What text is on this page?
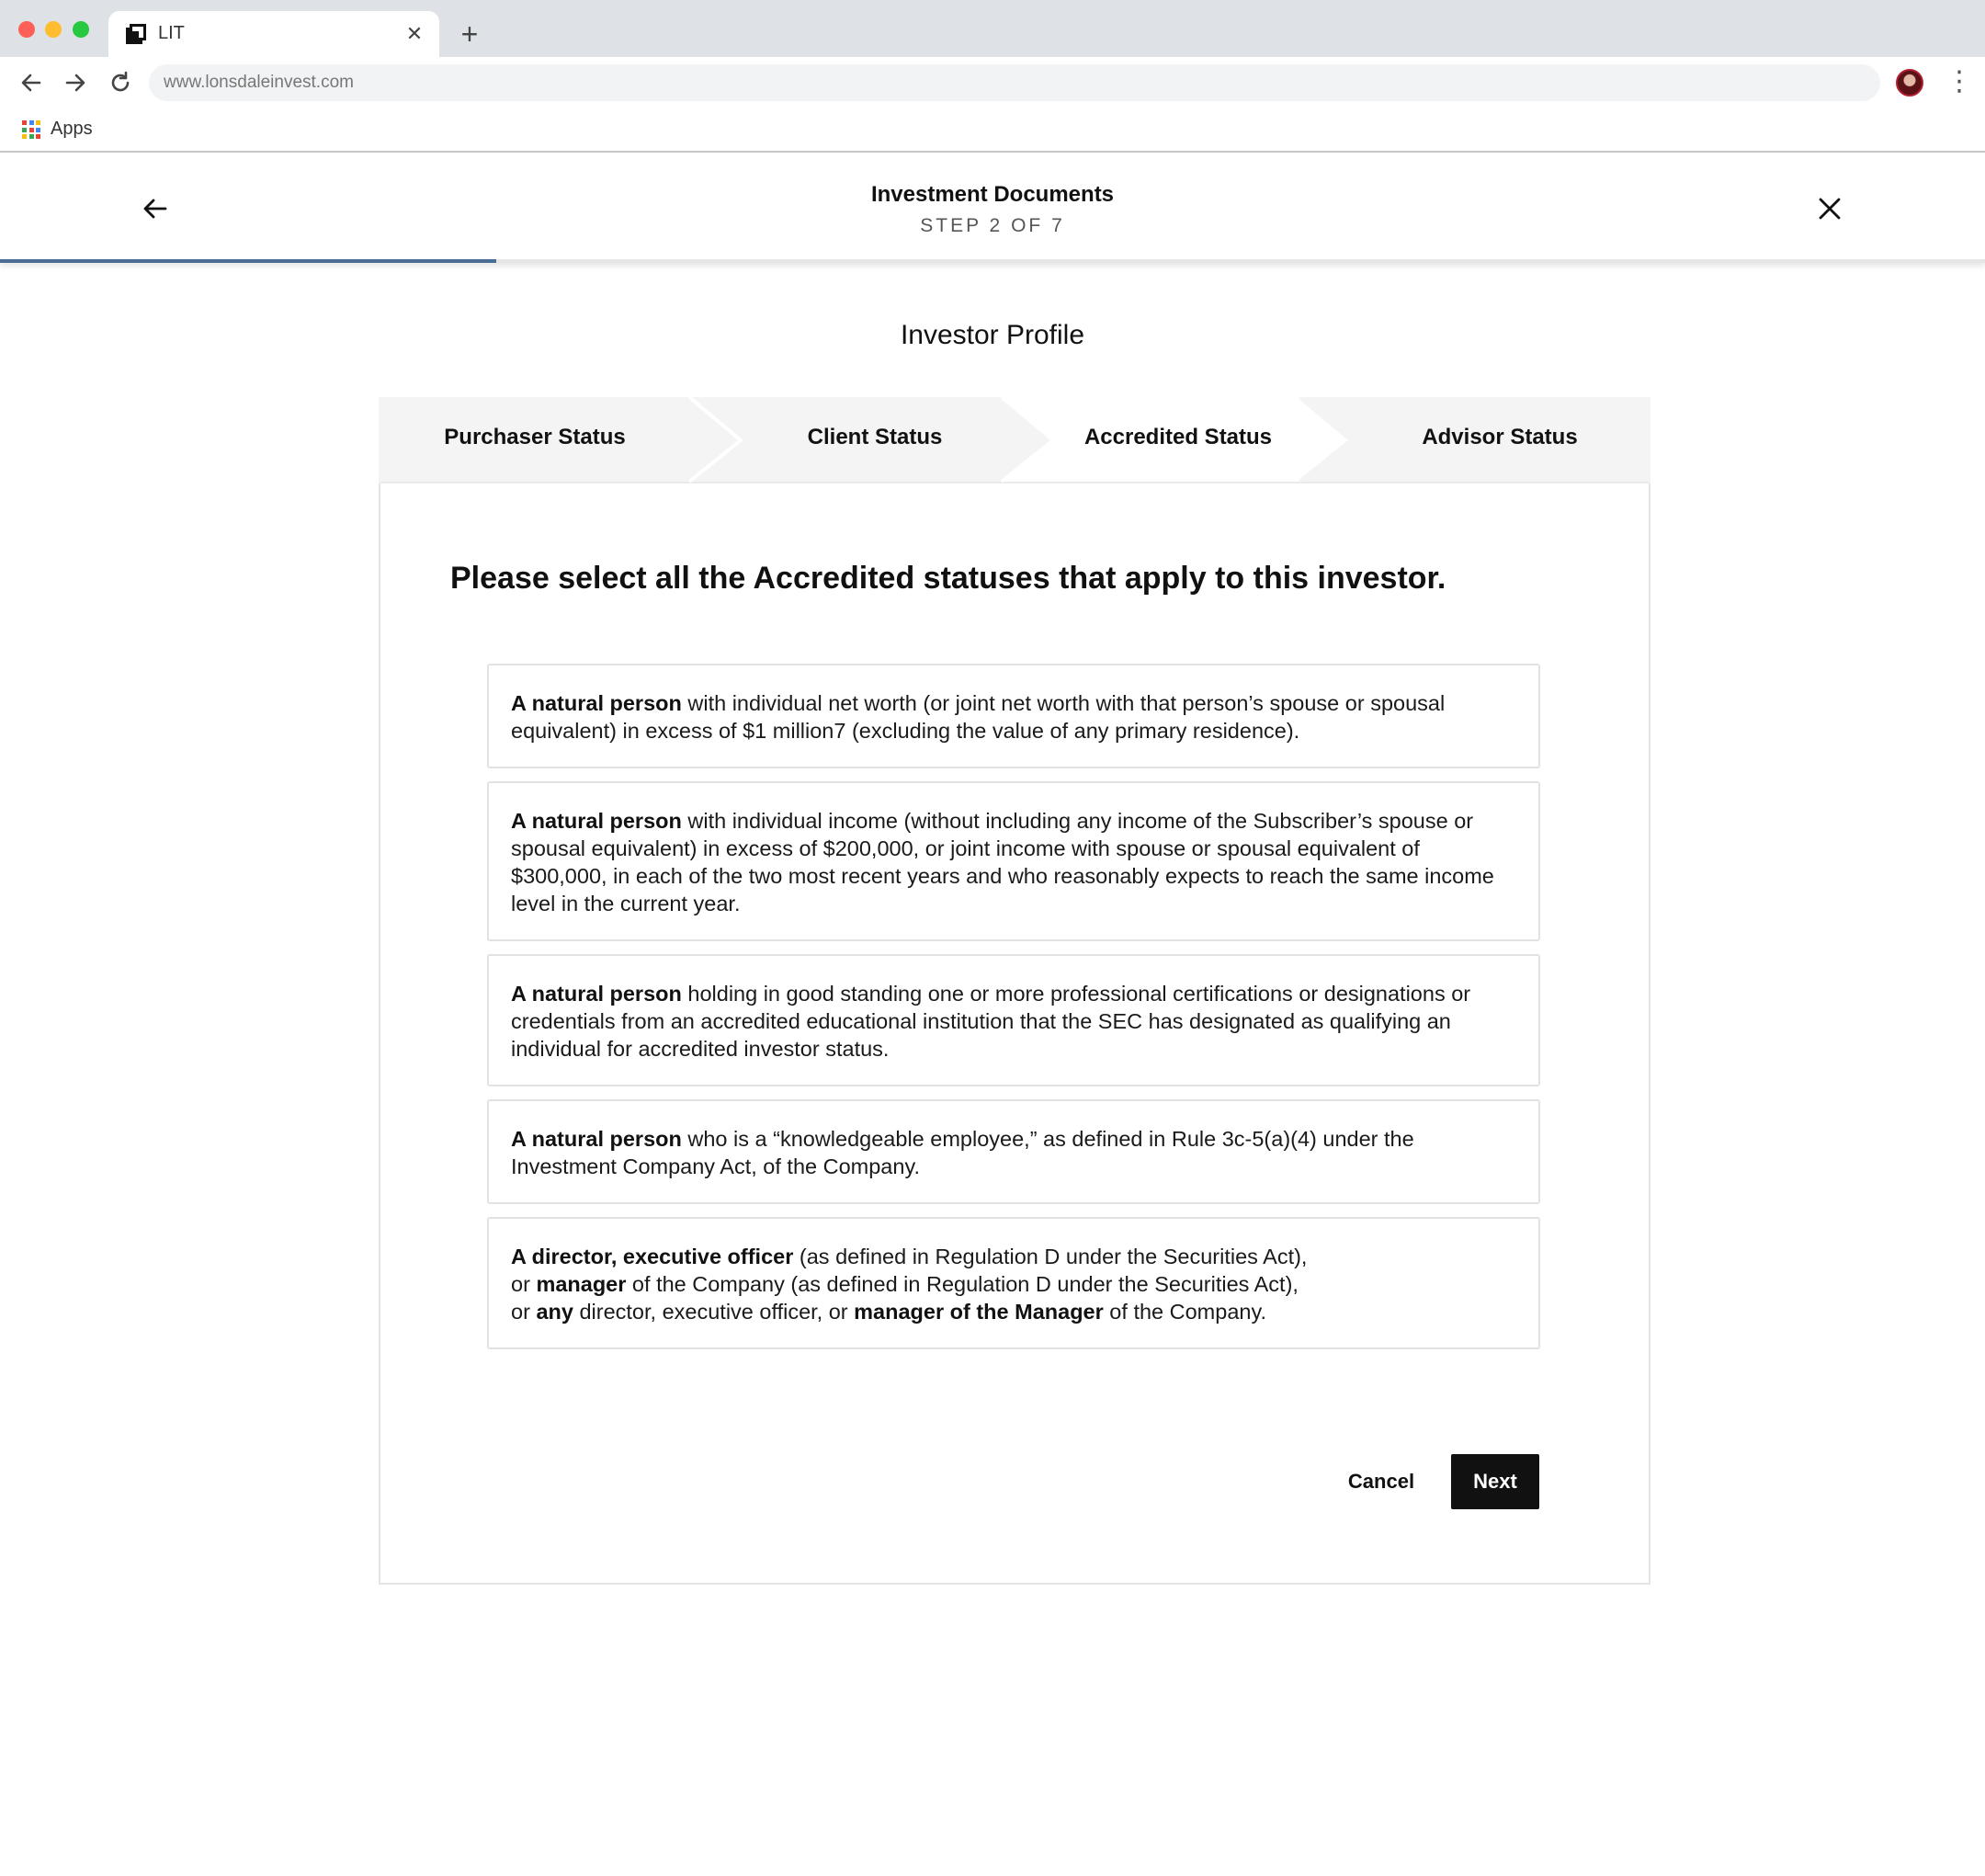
LIT	✕ +
www.lonsdaleinvest.com	⋮
Apps
Investment Documents
STEP 2 OF 7
Investor Profile
Purchaser Status	Client Status	Accredited Status	Advisor Status
Please select all the Accredited statuses that apply to this investor.
A natural person with individual net worth (or joint net worth with that person’s spouse or spousal equivalent) in excess of $1 million7 (excluding the value of any primary residence).
A natural person with individual income (without including any income of the Subscriber’s spouse or spousal equivalent) in excess of $200,000, or joint income with spouse or spousal equivalent of $300,000, in each of the two most recent years and who reasonably expects to reach the same income level in the current year.
A natural person holding in good standing one or more professional certifications or designations or credentials from an accredited educational institution that the SEC has designated as qualifying an individual for accredited investor status.
A natural person who is a “knowledgeable employee,” as defined in Rule 3c-5(a)(4) under the Investment Company Act, of the Company.
A director, executive officer (as defined in Regulation D under the Securities Act),
or manager of the Company (as defined in Regulation D under the Securities Act),
or any director, executive officer, or manager of the Manager of the Company.
Cancel	Next
